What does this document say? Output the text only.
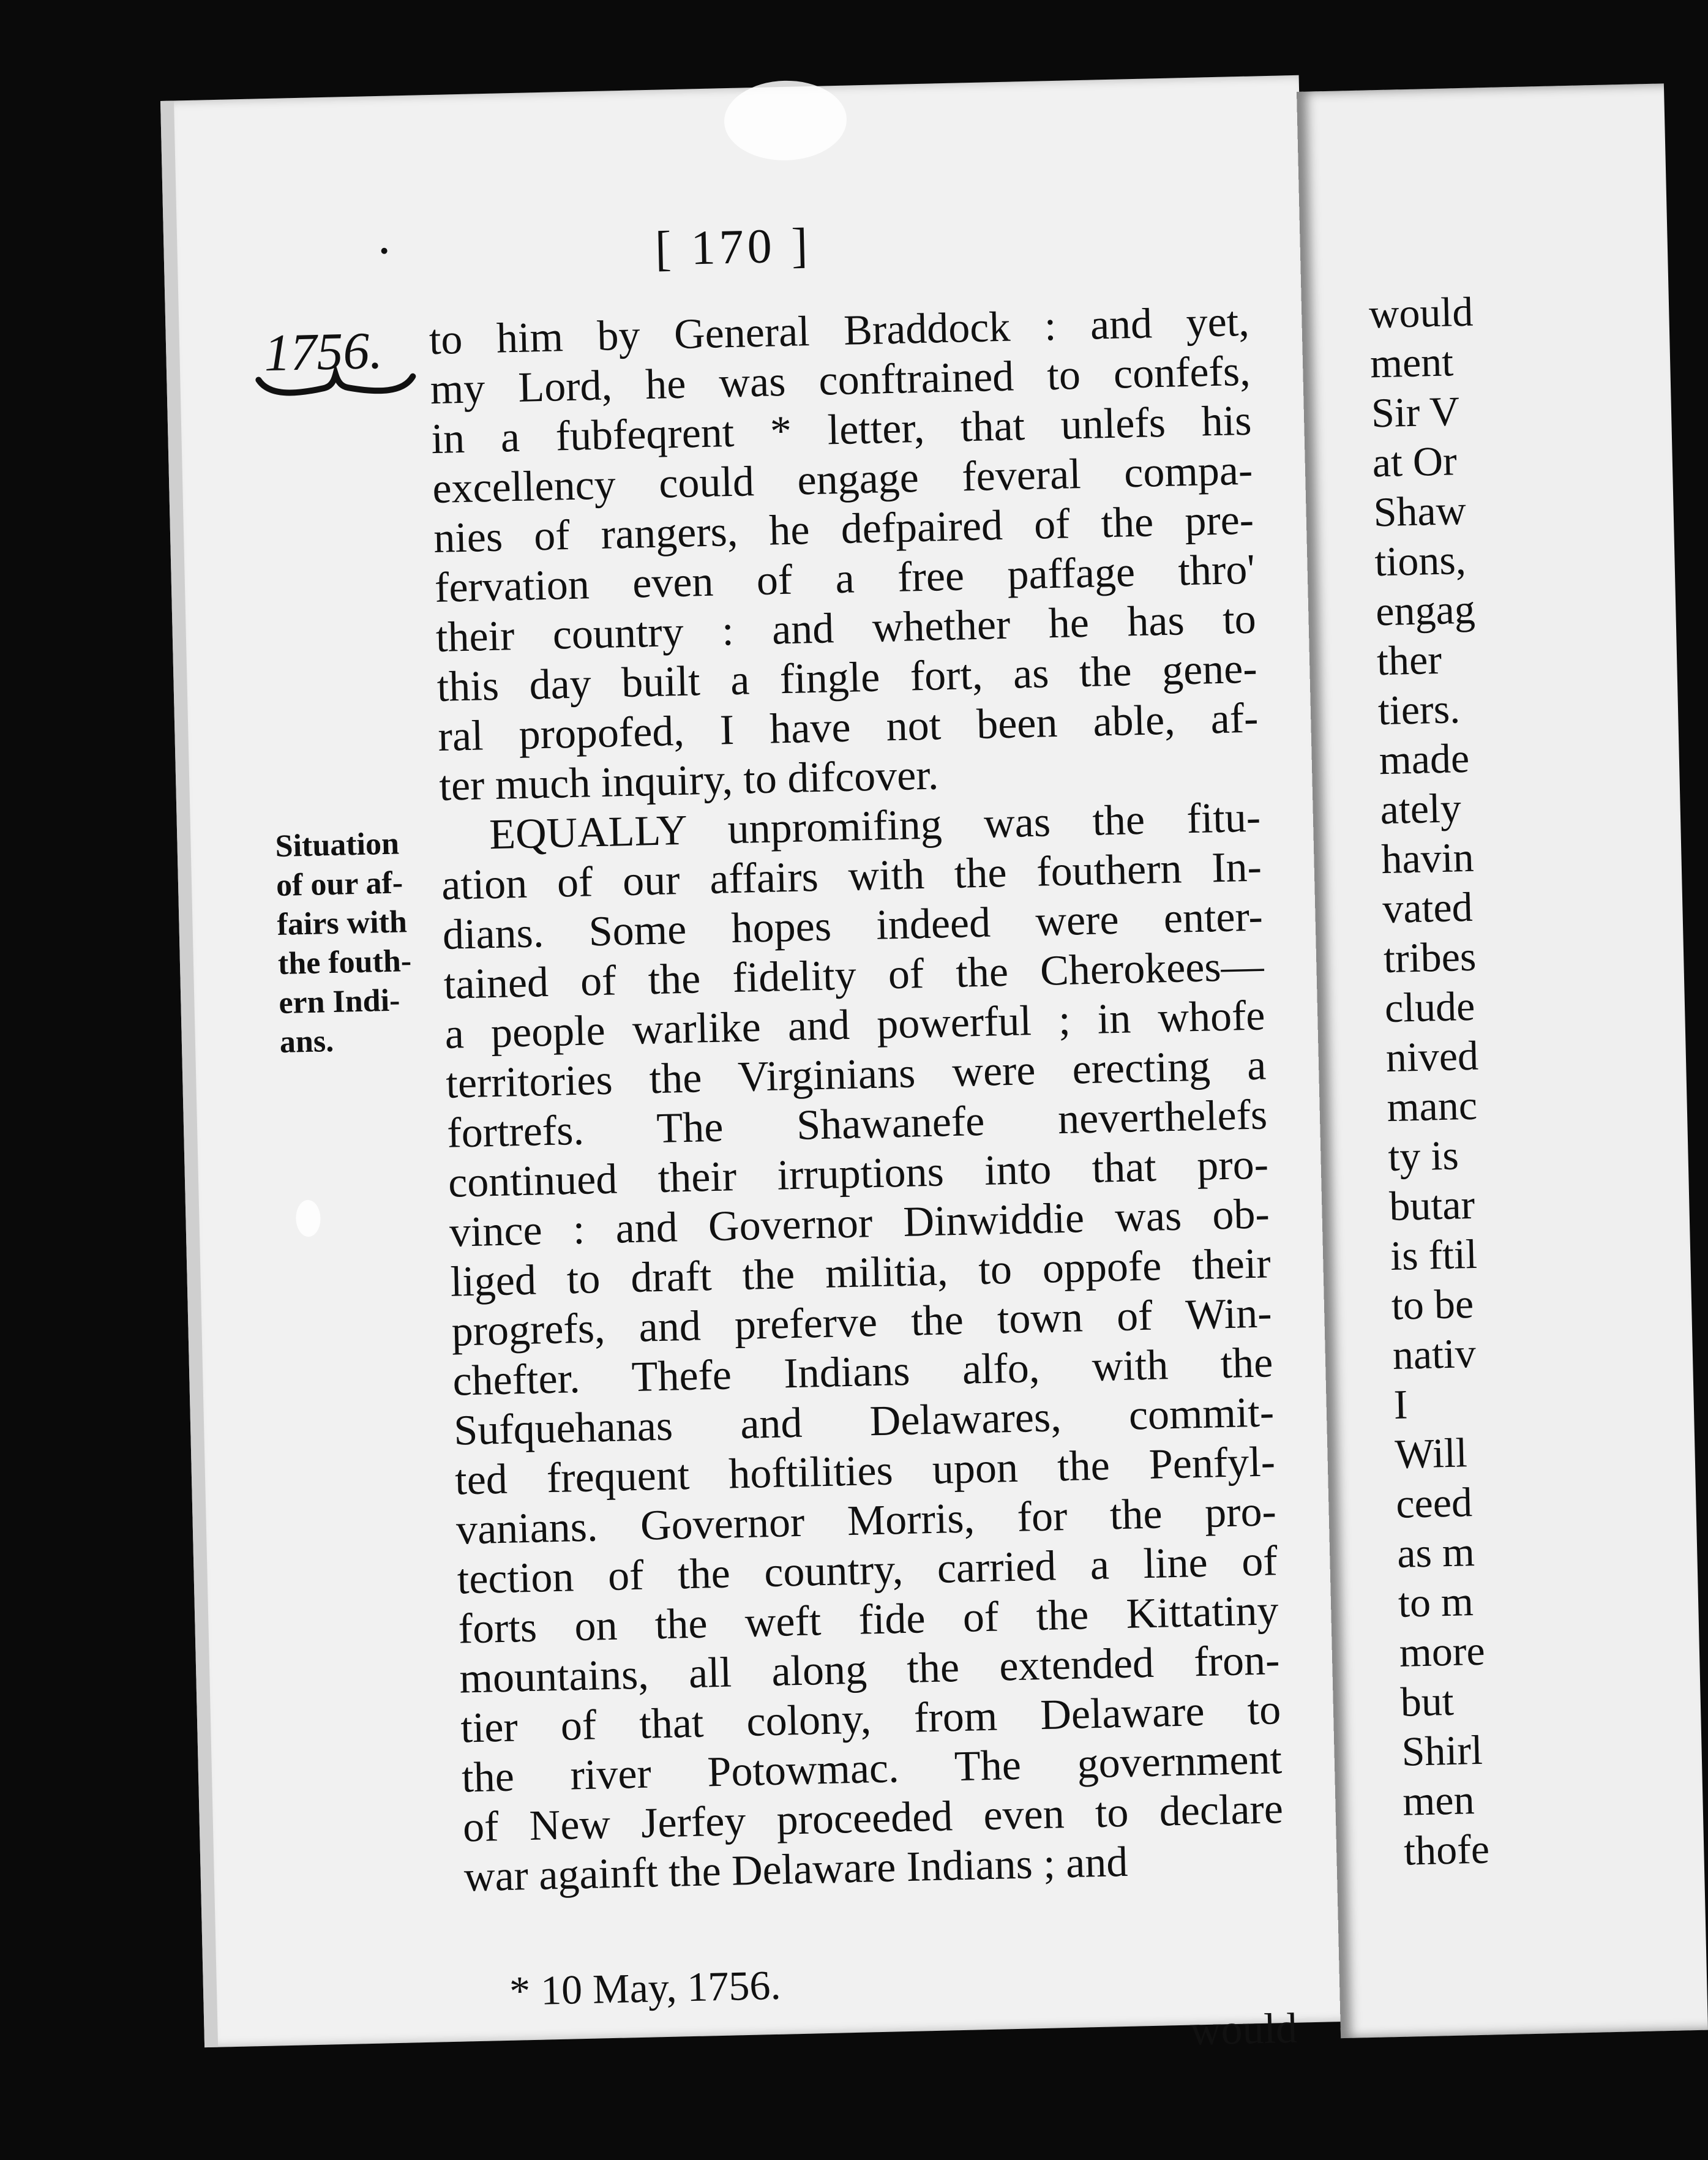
[ 170 ]
1756.
Situation
of our af-
fairs with
the fouth-
ern Indi-
ans.
to him by General Braddock : and yet,
my Lord, he was conftrained to confefs,
in a fubfeqrent * letter, that unlefs his
excellency could engage feveral compa-
nies of rangers, he defpaired of the pre-
fervation even of a free paffage thro'
their country : and whether he has to
this day built a fingle fort, as the gene-
ral propofed, I have not been able, af-
ter much inquiry, to difcover.
EQUALLY unpromifing was the fitu-
ation of our affairs with the fouthern In-
dians. Some hopes indeed were enter-
tained of the fidelity of the Cherokees—
a people warlike and powerful ; in whofe
territories the Virginians were erecting a
fortrefs. The Shawanefe neverthelefs
continued their irruptions into that pro-
vince : and Governor Dinwiddie was ob-
liged to draft the militia, to oppofe their
progrefs, and preferve the town of Win-
chefter. Thefe Indians alfo, with the
Sufquehanas and Delawares, commit-
ted frequent hoftilities upon the Penfyl-
vanians. Governor Morris, for the pro-
tection of the country, carried a line of
forts on the weft fide of the Kittatiny
mountains, all along the extended fron-
tier of that colony, from Delaware to
the river Potowmac. The government
of New Jerfey proceeded even to declare
war againft the Delaware Indians ; and
* 10 May, 1756.
would
would
ment
Sir V
at Or
Shaw
tions,
engag
ther
tiers.
made
ately
havin
vated
tribes
clude
nived
manc
ty is
butar
is ftil
to be
nativ
I
Will
ceed
as m
to m
more
but
Shirl
men
thofe
